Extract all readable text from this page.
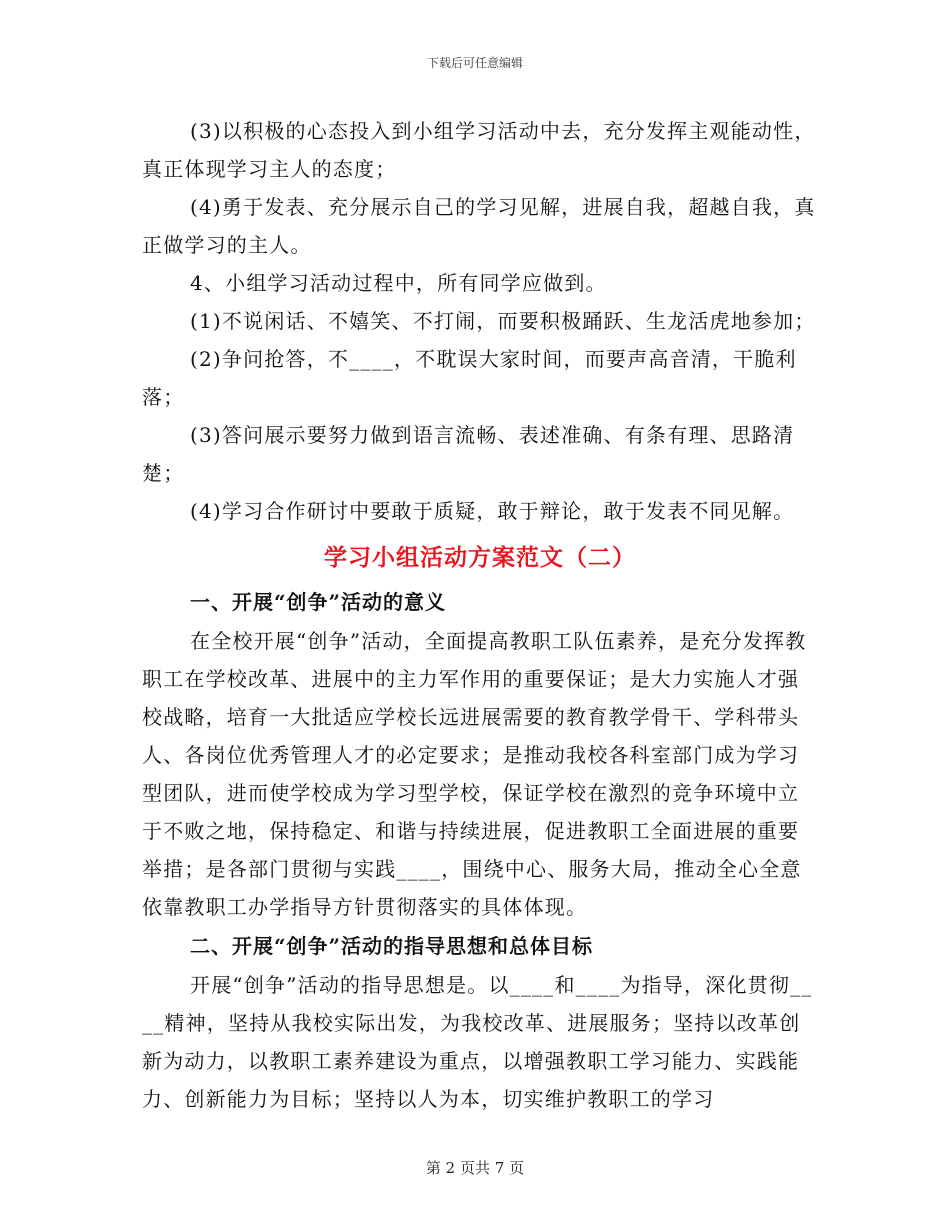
下载后可任意编辑

(3)以积极的心态投入到小组学习活动中去，充分发挥主观能动性，真正体现学习主人的态度；

(4)勇于发表、充分展示自己的学习见解，进展自我，超越自我，真正做学习的主人。

4、小组学习活动过程中，所有同学应做到。

(1)不说闲话、不嬉笑、不打闹，而要积极踊跃、生龙活虎地参加；

(2)争问抢答，不____，不耽误大家时间，而要声高音清，干脆利落；

(3)答问展示要努力做到语言流畅、表述准确、有条有理、思路清楚；

(4)学习合作研讨中要敢于质疑，敢于辩论，敢于发表不同见解。

学习小组活动方案范文（二）
一、开展“创争”活动的意义

在全校开展“创争”活动，全面提高教职工队伍素养，是充分发挥教职工在学校改革、进展中的主力军作用的重要保证；是大力实施人才强校战略，培育一大批适应学校长远进展需要的教育教学骨干、学科带头人、各岗位优秀管理人才的必定要求；是推动我校各科室部门成为学习型团队，进而使学校成为学习型学校，保证学校在激烈的竞争环境中立于不败之地，保持稳定、和谐与持续进展，促进教职工全面进展的重要举措；是各部门贯彻与实践____，围绕中心、服务大局，推动全心全意依靠教职工办学指导方针贯彻落实的具体体现。

二、开展“创争”活动的指导思想和总体目标

开展“创争”活动的指导思想是。以____和____为指导，深化贯彻____精神，坚持从我校实际出发，为我校改革、进展服务；坚持以改革创新为动力，以教职工素养建设为重点，以增强教职工学习能力、实践能力、创新能力为目标；坚持以人为本，切实维护教职工的学习

第 2 页共 7 页
